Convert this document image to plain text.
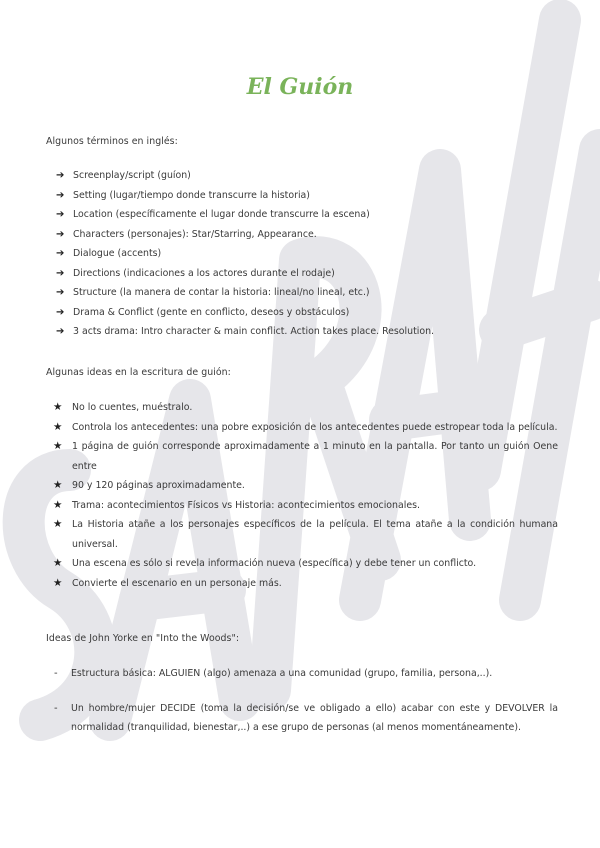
El Guión

Algunos términos en inglés:

➔ Screenplay/script (guíon)
➔ Setting (lugar/tiempo donde transcurre la historia)
➔ Location (específicamente el lugar donde transcurre la escena)
➔ Characters (personajes): Star/Starring, Appearance.
➔ Dialogue (accents)
➔ Directions (indicaciones a los actores durante el rodaje)
➔ Structure (la manera de contar la historia: lineal/no lineal, etc.)
➔ Drama & Conflict (gente en conflicto, deseos y obstáculos)
➔ 3 acts drama: Intro character & main conflict. Action takes place. Resolution.

Algunas ideas en la escritura de guión:

★ No lo cuentes, muéstralo.
★ Controla los antecedentes: una pobre exposición de los antecedentes puede estropear toda la película.
★ 1 página de guión corresponde aproximadamente a 1 minuto en la pantalla. Por tanto un guión Oene entre
★ 90 y 120 páginas aproximadamente.
★ Trama: acontecimientos Físicos vs Historia: acontecimientos emocionales.
★ La Historia atañe a los personajes específicos de la película. El tema atañe a la condición humana universal.
★ Una escena es sólo si revela información nueva (específica) y debe tener un conflicto.
★ Convierte el escenario en un personaje más.

Ideas de John Yorke en "Into the Woods":

- Estructura básica: ALGUIEN (algo) amenaza a una comunidad (grupo, familia, persona,..).
- Un hombre/mujer DECIDE (toma la decisión/se ve obligado a ello) acabar con este y DEVOLVER la normalidad (tranquilidad, bienestar,..) a ese grupo de personas (al menos momentáneamente).
